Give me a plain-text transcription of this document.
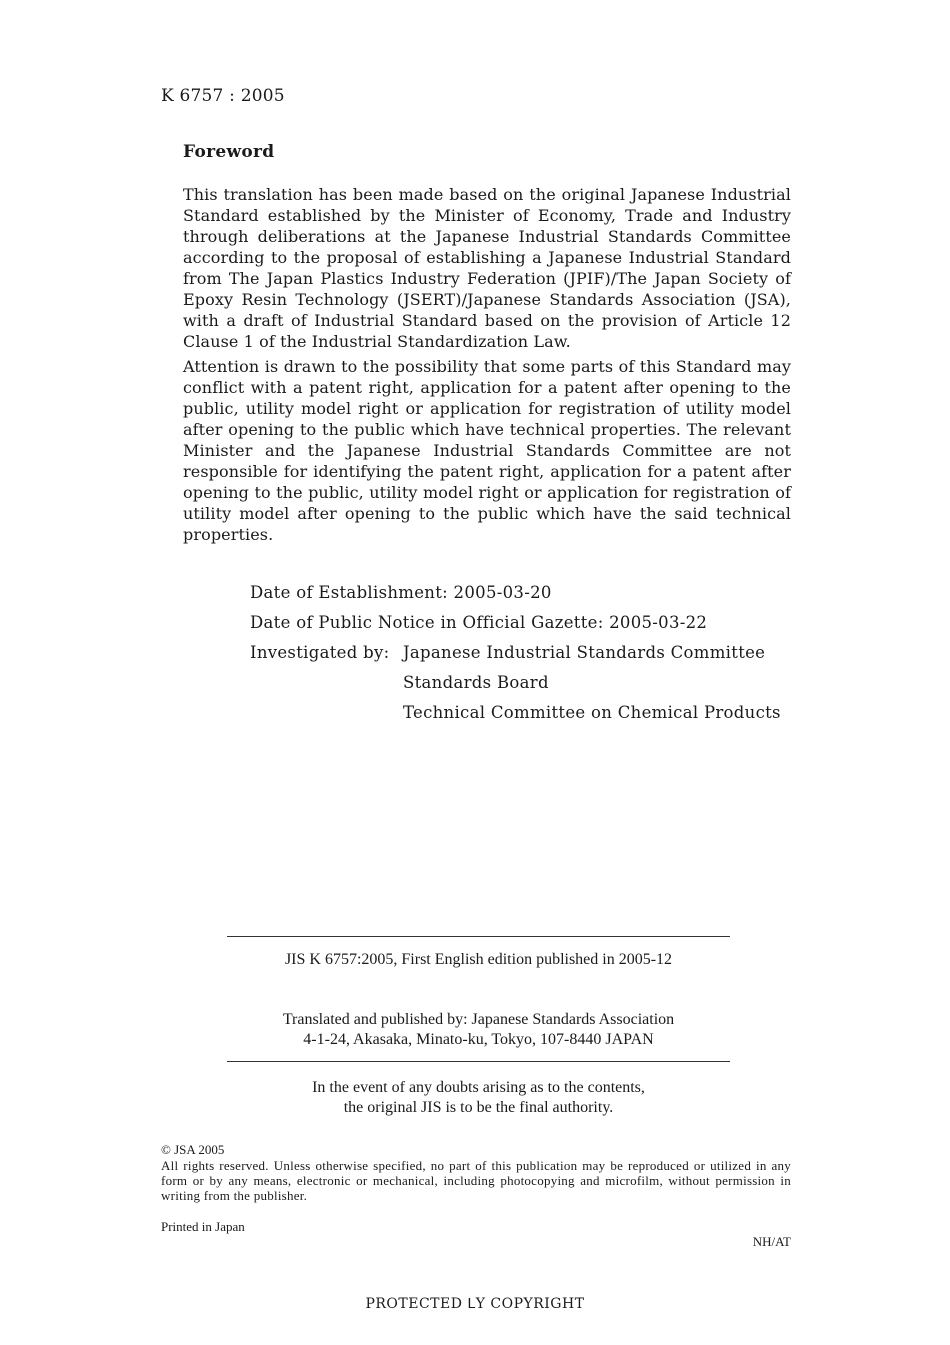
K 6757 : 2005
Foreword
This translation has been made based on the original Japanese Industrial Standard established by the Minister of Economy, Trade and Industry through deliberations at the Japanese Industrial Standards Committee according to the proposal of establishing a Japanese Industrial Standard from The Japan Plastics Industry Federation (JPIF)/The Japan Society of Epoxy Resin Technology (JSERT)/Japanese Standards Association (JSA), with a draft of Industrial Standard based on the provision of Article 12 Clause 1 of the Industrial Standardization Law.
Attention is drawn to the possibility that some parts of this Standard may conflict with a patent right, application for a patent after opening to the public, utility model right or application for registration of utility model after opening to the public which have technical properties. The relevant Minister and the Japanese Industrial Standards Committee are not responsible for identifying the patent right, application for a patent after opening to the public, utility model right or application for registration of utility model after opening to the public which have the said technical properties.
Date of Establishment: 2005-03-20
Date of Public Notice in Official Gazette: 2005-03-22
Investigated by: Japanese Industrial Standards Committee
Standards Board
Technical Committee on Chemical Products
JIS K 6757:2005, First English edition published in 2005-12
Translated and published by: Japanese Standards Association
4-1-24, Akasaka, Minato-ku, Tokyo, 107-8440 JAPAN
In the event of any doubts arising as to the contents,
the original JIS is to be the final authority.
© JSA 2005
All rights reserved. Unless otherwise specified, no part of this publication may be reproduced or utilized in any form or by any means, electronic or mechanical, including photocopying and microfilm, without permission in writing from the publisher.
Printed in Japan
NH/AT
PROTECTED ᒪY COPYRIGHT
